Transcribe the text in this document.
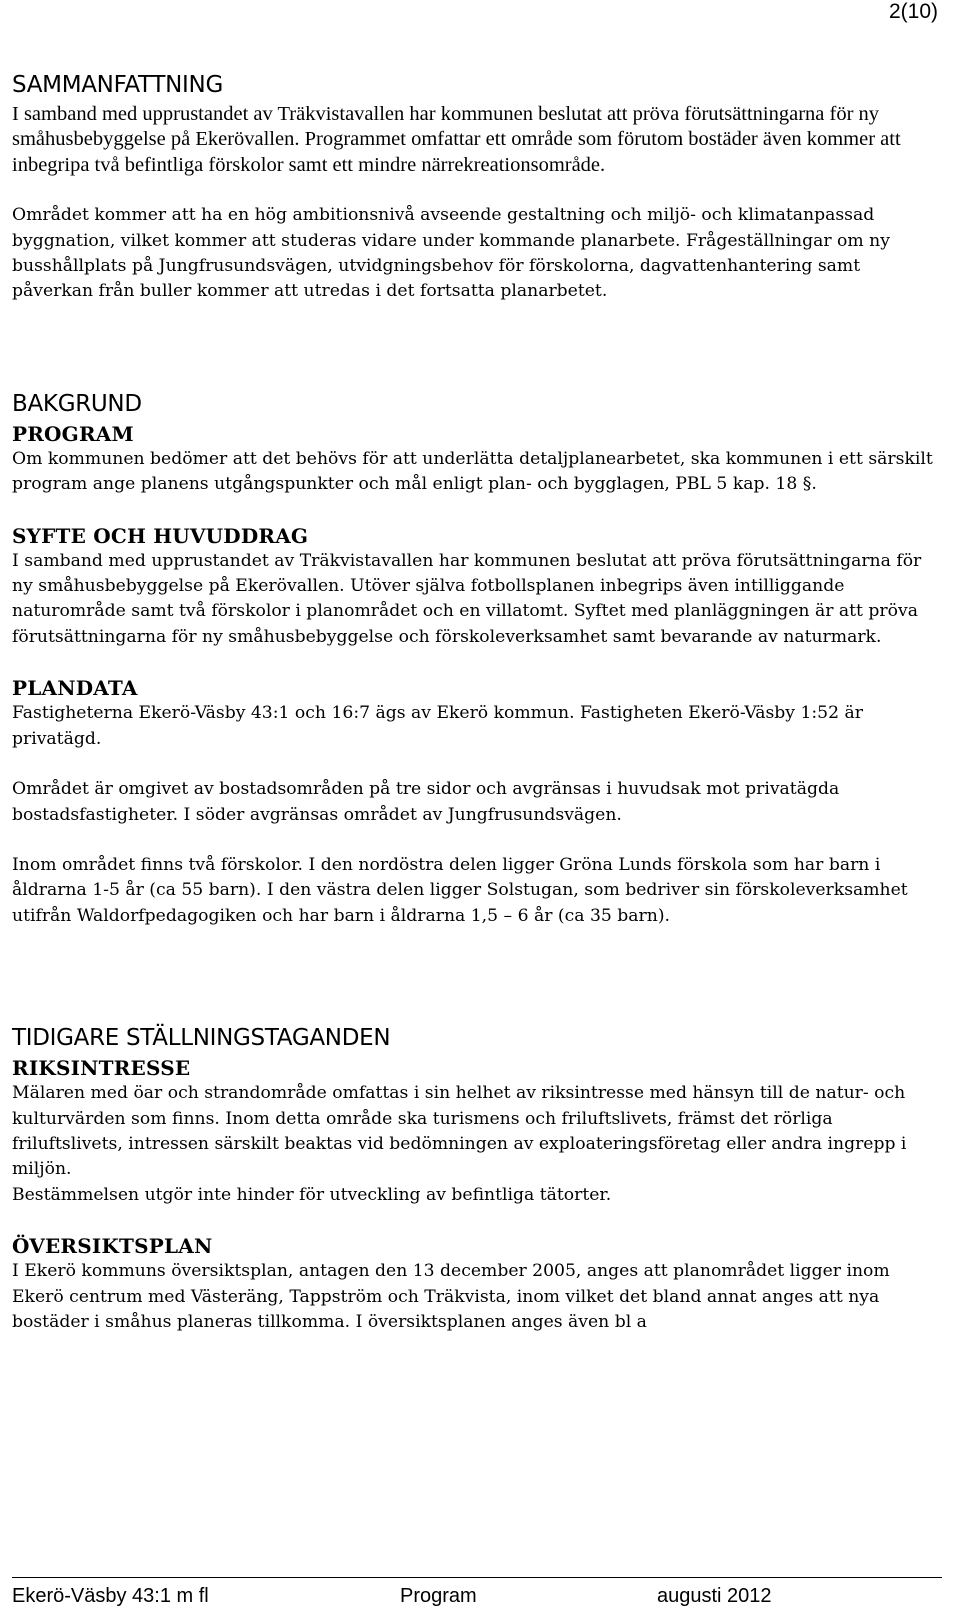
2(10)
SAMMANFATTNING

I samband med upprustandet av Träkvistavallen har kommunen beslutat att pröva förutsättningarna för ny småhusbebyggelse på Ekerövallen. Programmet omfattar ett område som förutom bostäder även kommer att inbegripa två befintliga förskolor samt ett mindre närrekreationsområde.

Området kommer att ha en hög ambitionsnivå avseende gestaltning och miljö- och klimatanpassad byggnation, vilket kommer att studeras vidare under kommande planarbete. Frågeställningar om ny busshållplats på Jungfrusundsvägen, utvidgningsbehov för förskolorna, dagvattenhantering samt påverkan från buller kommer att utredas i det fortsatta planarbetet.

BAKGRUND
PROGRAM

Om kommunen bedömer att det behövs för att underlätta detaljplanearbetet, ska kommunen i ett särskilt program ange planens utgångspunkter och mål enligt plan- och bygglagen, PBL 5 kap. 18 §.

SYFTE OCH HUVUDDRAG

I samband med upprustandet av Träkvistavallen har kommunen beslutat att pröva förutsättningarna för ny småhusbebyggelse på Ekerövallen. Utöver själva fotbollsplanen inbegrips även intilliggande naturområde samt två förskolor i planområdet och en villatomt. Syftet med planläggningen är att pröva förutsättningarna för ny småhusbebyggelse och förskoleverksamhet samt bevarande av naturmark.

PLANDATA

Fastigheterna Ekerö-Väsby 43:1 och 16:7 ägs av Ekerö kommun. Fastigheten Ekerö-Väsby 1:52 är privatägd.

Området är omgivet av bostadsområden på tre sidor och avgränsas i huvudsak mot privatägda bostadsfastigheter. I söder avgränsas området av Jungfrusundsvägen.

Inom området finns två förskolor. I den nordöstra delen ligger Gröna Lunds förskola som har barn i åldrarna 1-5 år (ca 55 barn). I den västra delen ligger Solstugan, som bedriver sin förskoleverksamhet utifrån Waldorfpedagogiken och har barn i åldrarna 1,5 – 6 år (ca 35 barn).

TIDIGARE STÄLLNINGSTAGANDEN
RIKSINTRESSE

Mälaren med öar och strandområde omfattas i sin helhet av riksintresse med hänsyn till de natur- och kulturvärden som finns. Inom detta område ska turismens och friluftslivets, främst det rörliga friluftslivets, intressen särskilt beaktas vid bedömningen av exploateringsföretag eller andra ingrepp i miljön.

Bestämmelsen utgör inte hinder för utveckling av befintliga tätorter.

ÖVERSIKTSPLAN

I Ekerö kommuns översiktsplan, antagen den 13 december 2005, anges att planområdet ligger inom Ekerö centrum med Västeräng, Tappström och Träkvista, inom vilket det bland annat anges att nya bostäder i småhus planeras tillkomma. I översiktsplanen anges även bl a

Ekerö-Väsby 43:1 m fl	Program	augusti 2012
